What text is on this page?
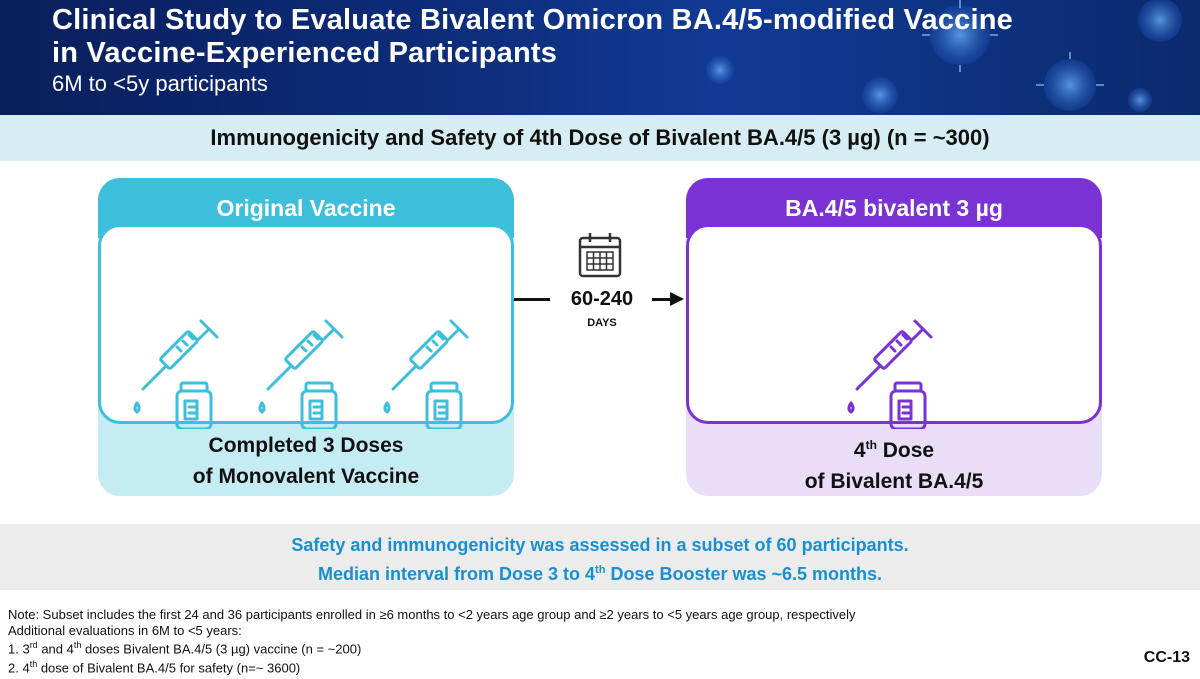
Clinical Study to Evaluate Bivalent Omicron BA.4/5-modified Vaccine
in Vaccine-Experienced Participants
6M to <5y participants
Immunogenicity and Safety of 4th Dose of Bivalent BA.4/5 (3 µg) (n = ~300)
Original Vaccine
Completed 3 Doses
of Monovalent Vaccine
60-240
DAYS
BA.4/5 bivalent 3 µg
4th Dose
of Bivalent BA.4/5
Safety and immunogenicity was assessed in a subset of 60 participants.
Median interval from Dose 3 to 4th Dose Booster was ~6.5 months.
Note: Subset includes the first 24 and 36 participants enrolled in ≥6 months to <2 years age group and ≥2 years to <5 years age group, respectively
Additional evaluations in 6M to <5 years:
1. 3rd and 4th doses Bivalent BA.4/5 (3 µg) vaccine (n = ~200)
2. 4th dose of Bivalent BA.4/5 for safety (n=~ 3600)
CC-13
